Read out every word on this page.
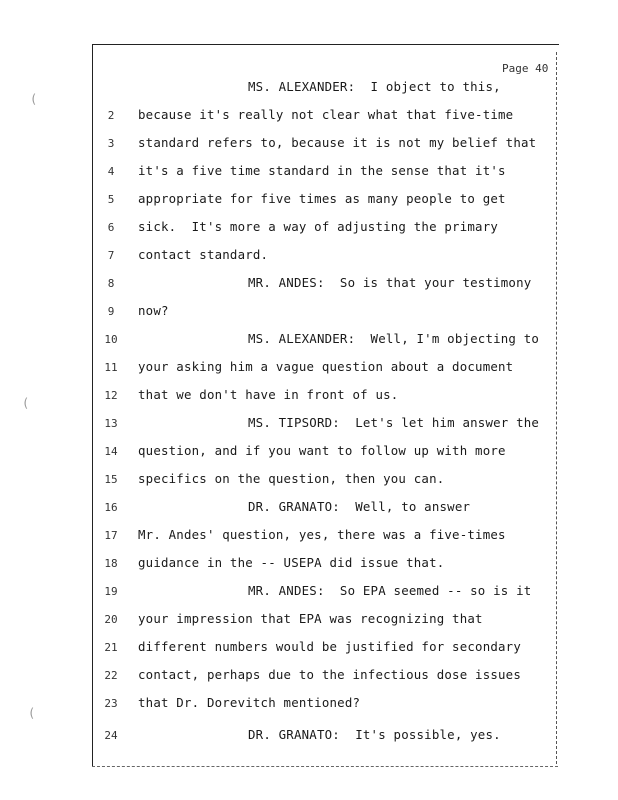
(
(
(
Page 40
MS. ALEXANDER:  I object to this,
2	because it's really not clear what that five-time
3	standard refers to, because it is not my belief that
4	it's a five time standard in the sense that it's
5	appropriate for five times as many people to get
6	sick.  It's more a way of adjusting the primary
7	contact standard.
8	MR. ANDES:  So is that your testimony
9	now?
10	MS. ALEXANDER:  Well, I'm objecting to
11	your asking him a vague question about a document
12	that we don't have in front of us.
13	MS. TIPSORD:  Let's let him answer the
14	question, and if you want to follow up with more
15	specifics on the question, then you can.
16	DR. GRANATO:  Well, to answer
17	Mr. Andes' question, yes, there was a five-times
18	guidance in the -- USEPA did issue that.
19	MR. ANDES:  So EPA seemed -- so is it
20	your impression that EPA was recognizing that
21	different numbers would be justified for secondary
22	contact, perhaps due to the infectious dose issues
23	that Dr. Dorevitch mentioned?
24	DR. GRANATO:  It's possible, yes.
